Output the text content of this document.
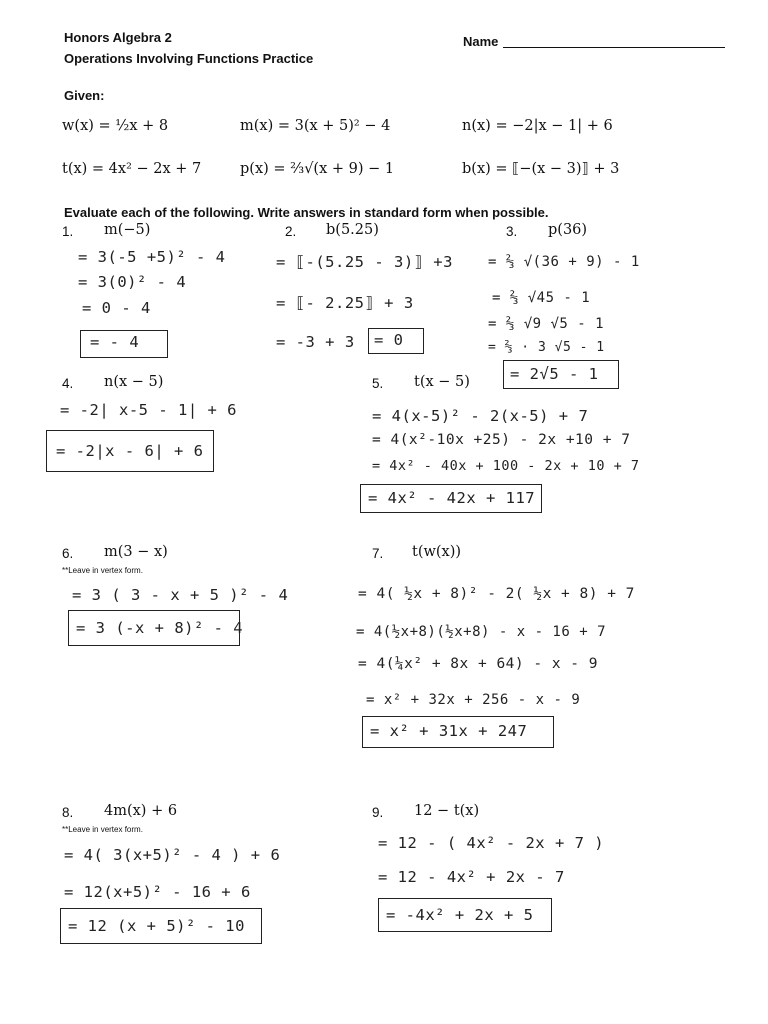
Honors Algebra 2
Operations Involving Functions Practice
Name
Given:
w(x) = ½x + 8	m(x) = 3(x + 5)² − 4	n(x) = −2|x − 1| + 6
t(x) = 4x² − 2x + 7	p(x) = ⅔√(x + 9) − 1	b(x) = ⟦−(x − 3)⟧ + 3
Evaluate each of the following. Write answers in standard form when possible.
1. m(−5)
= 3(-5 +5)² - 4
= 3(0)² - 4
= 0 - 4
= - 4
2. b(5.25)
= ⟦-(5.25 - 3)⟧ +3
= ⟦- 2.25⟧ + 3
= -3 + 3 = 0
3. p(36)
= ⅔ √(36 + 9) - 1
= ⅔ √45 - 1
= ⅔ √9 √5 - 1
= ⅔ · 3 √5 - 1
= 2√5 - 1
4. n(x − 5)
= -2| x-5 - 1| + 6
= -2|x - 6| + 6
5. t(x − 5)
= 4(x-5)² - 2(x-5) + 7
= 4(x²-10x +25) - 2x +10 + 7
= 4x² - 40x + 100 - 2x + 10 + 7
= 4x² - 42x + 117
6. m(3 − x)
**Leave in vertex form.
= 3 ( 3 - x + 5 )² - 4
= 3 (-x + 8)² - 4
7. t(w(x))
= 4( ½x + 8)² - 2( ½x + 8) + 7
= 4(½x+8)(½x+8) - x - 16 + 7
= 4(¼x² + 8x + 64) - x - 9
= x² + 32x + 256 - x - 9
= x² + 31x + 247
8. 4m(x) + 6
**Leave in vertex form.
= 4( 3(x+5)² - 4 ) + 6
= 12(x+5)² - 16 + 6
= 12 (x + 5)² - 10
9. 12 − t(x)
= 12 - ( 4x² - 2x + 7 )
= 12 - 4x² + 2x - 7
= -4x² + 2x + 5
